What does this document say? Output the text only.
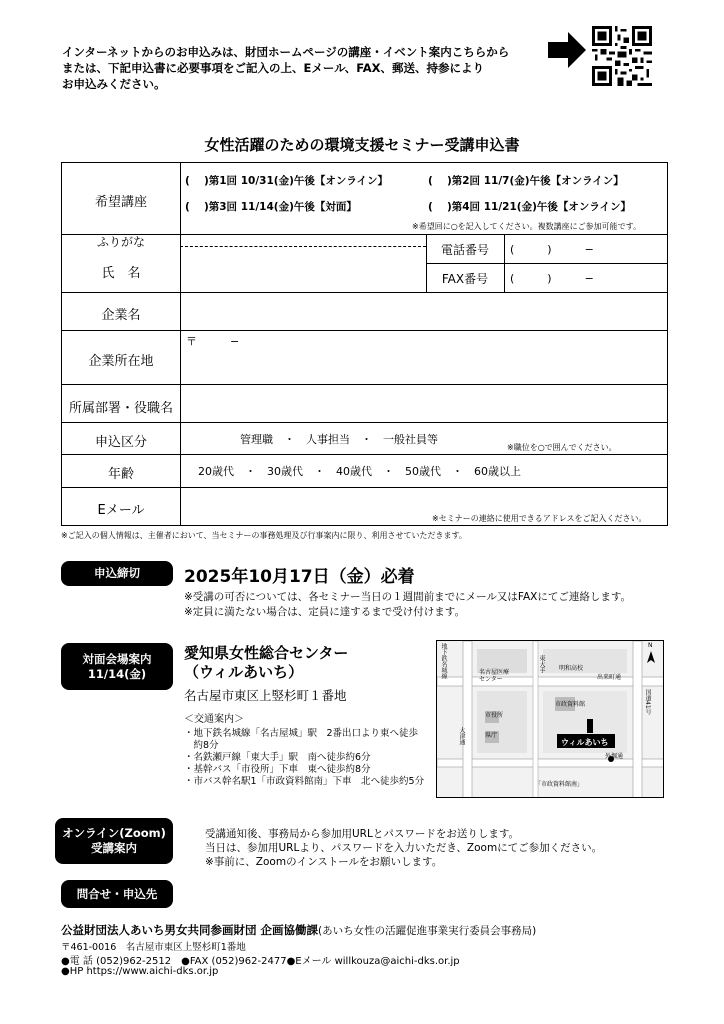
インターネットからのお申込みは、財団ホームページの講座・イベント案内こちらから
または、下記申込書に必要事項をご記入の上、Eメール、FAX、郵送、持参により
お申込みください。
女性活躍のための環境支援セミナー受講申込書
希望講座
(　 )第1回 10/31(金)午後【オンライン】	(　 )第2回 11/7(金)午後【オンライン】
(　 )第3回 11/14(金)午後【対面】	(　 )第4回 11/21(金)午後【オンライン】
※希望回に○を記入してください。複数講座にご参加可能です。
ふりがな
氏　名
電話番号	(　　　)　　　−
FAX番号	(　　　)　　　−
企業名
企業所在地
〒　　　−
所属部署・役職名
申込区分	管理職　・　人事担当　・　一般社員等
※職位を○で囲んでください。
年齢	20歳代　・　30歳代　・　40歳代　・　50歳代　・　60歳以上
Eメール
※セミナーの連絡に使用できるアドレスをご記入ください。
※ご記入の個人情報は、主催者において、当セミナーの事務処理及び行事案内に限り、利用させていただきます。
申込締切	2025年10月17日（金）必着
※受講の可否については、各セミナー当日の１週間前までにメール又はFAXにてご連絡します。
※定員に満たない場合は、定員に達するまで受け付けます。
対面会場案内
11/14(金)
愛知県女性総合センター
（ウィルあいち）
名古屋市東区上竪杉町１番地
＜交通案内＞
・地下鉄名城線「名古屋城」駅　2番出口より東へ徒歩
　約8分
・名鉄瀬戸線「東大手」駅　南へ徒歩約6分
・基幹バス「市役所」下車　東へ徒歩約8分
・市バス幹名駅1「市政資料館南」下車　北へ徒歩約5分
地下鉄名城線	東大手 明和高校
出来町通
名古屋医療センター
市役所
県庁
市政資料館	国道41号
大津通
外堀通
ウィルあいち
「市政資料館南」
N
オンライン(Zoom)
受講案内
受講通知後、事務局から参加用URLとパスワードをお送りします。
当日は、参加用URLより、パスワードを入力いただき、Zoomにてご参加ください。
※事前に、Zoomのインストールをお願いします。
問合せ・申込先
公益財団法人あいち男女共同参画財団 企画協働課(あいち女性の活躍促進事業実行委員会事務局)
〒461-0016　名古屋市東区上竪杉町1番地
●電 話 (052)962-2512　●FAX (052)962-2477●Eメール willkouza@aichi-dks.or.jp
●HP https://www.aichi-dks.or.jp
